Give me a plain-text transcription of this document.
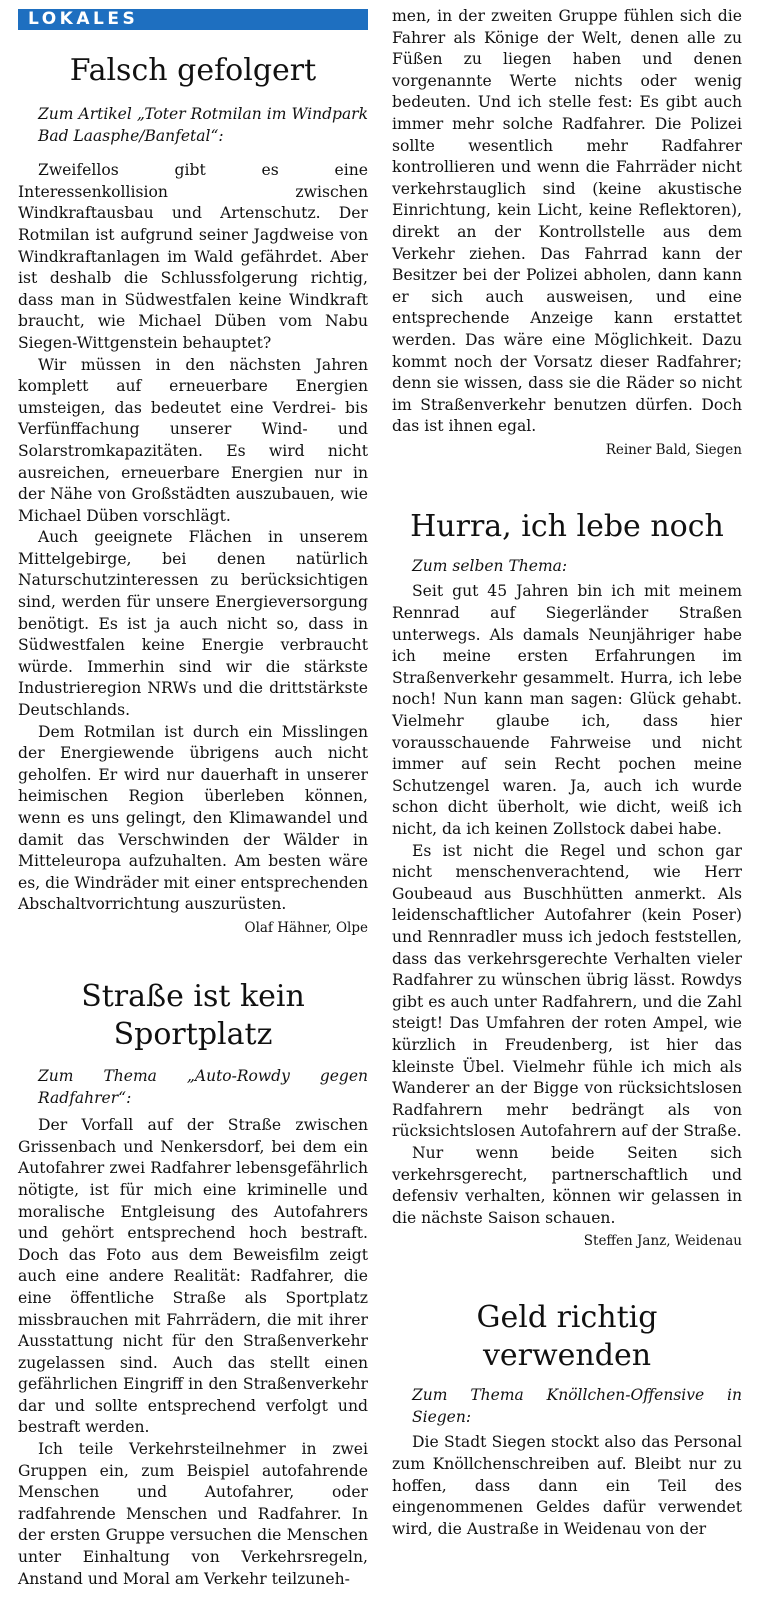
LOKALES
Falsch gefolgert

Zum Artikel „Toter Rotmilan im Windpark Bad Laasphe/Banfetal“:

Zweifellos gibt es eine Interessenkollision zwischen Windkraftausbau und Artenschutz. Der Rotmilan ist aufgrund seiner Jagdweise von Windkraftanlagen im Wald gefährdet. Aber ist deshalb die Schlussfolgerung richtig, dass man in Südwestfalen keine Windkraft braucht, wie Michael Düben vom Nabu Siegen-Wittgenstein behauptet?

Wir müssen in den nächsten Jahren komplett auf erneuerbare Energien umsteigen, das bedeutet eine Verdrei- bis Verfünffachung unserer Wind- und Solarstromkapazitäten. Es wird nicht ausreichen, erneuerbare Energien nur in der Nähe von Großstädten auszubauen, wie Michael Düben vorschlägt.

Auch geeignete Flächen in unserem Mittelgebirge, bei denen natürlich Naturschutzinteressen zu berücksichtigen sind, werden für unsere Energieversorgung benötigt. Es ist ja auch nicht so, dass in Südwestfalen keine Energie verbraucht würde. Immerhin sind wir die stärkste Industrieregion NRWs und die drittstärkste Deutschlands.

Dem Rotmilan ist durch ein Misslingen der Energiewende übrigens auch nicht geholfen. Er wird nur dauerhaft in unserer heimischen Region überleben können, wenn es uns gelingt, den Klimawandel und damit das Verschwinden der Wälder in Mitteleuropa aufzuhalten. Am besten wäre es, die Windräder mit einer entsprechenden Abschaltvorrichtung auszurüsten.

Olaf Hähner, Olpe

Straße ist kein Sportplatz

Zum Thema „Auto-Rowdy gegen Radfahrer“:

Der Vorfall auf der Straße zwischen Grissenbach und Nenkersdorf, bei dem ein Autofahrer zwei Radfahrer lebensgefährlich nötigte, ist für mich eine kriminelle und moralische Entgleisung des Autofahrers und gehört entsprechend hoch bestraft. Doch das Foto aus dem Beweisfilm zeigt auch eine andere Realität: Radfahrer, die eine öffentliche Straße als Sportplatz missbrauchen mit Fahrrädern, die mit ihrer Ausstattung nicht für den Straßenverkehr zugelassen sind. Auch das stellt einen gefährlichen Eingriff in den Straßenverkehr dar und sollte entsprechend verfolgt und bestraft werden.

Ich teile Verkehrsteilnehmer in zwei Gruppen ein, zum Beispiel autofahrende Menschen und Autofahrer, oder radfahrende Menschen und Radfahrer. In der ersten Gruppe versuchen die Menschen unter Einhaltung von Verkehrsregeln, Anstand und Moral am Verkehr teilzuneh-

men, in der zweiten Gruppe fühlen sich die Fahrer als Könige der Welt, denen alle zu Füßen zu liegen haben und denen vorgenannte Werte nichts oder wenig bedeuten. Und ich stelle fest: Es gibt auch immer mehr solche Radfahrer. Die Polizei sollte wesentlich mehr Radfahrer kontrollieren und wenn die Fahrräder nicht verkehrstauglich sind (keine akustische Einrichtung, kein Licht, keine Reflektoren), direkt an der Kontrollstelle aus dem Verkehr ziehen. Das Fahrrad kann der Besitzer bei der Polizei abholen, dann kann er sich auch ausweisen, und eine entsprechende Anzeige kann erstattet werden. Das wäre eine Möglichkeit. Dazu kommt noch der Vorsatz dieser Radfahrer; denn sie wissen, dass sie die Räder so nicht im Straßenverkehr benutzen dürfen. Doch das ist ihnen egal.

Reiner Bald, Siegen

Hurra, ich lebe noch

Zum selben Thema:

Seit gut 45 Jahren bin ich mit meinem Rennrad auf Siegerländer Straßen unterwegs. Als damals Neunjähriger habe ich meine ersten Erfahrungen im Straßenverkehr gesammelt. Hurra, ich lebe noch! Nun kann man sagen: Glück gehabt. Vielmehr glaube ich, dass hier vorausschauende Fahrweise und nicht immer auf sein Recht pochen meine Schutzengel waren. Ja, auch ich wurde schon dicht überholt, wie dicht, weiß ich nicht, da ich keinen Zollstock dabei habe.

Es ist nicht die Regel und schon gar nicht menschenverachtend, wie Herr Goubeaud aus Buschhütten anmerkt. Als leidenschaftlicher Autofahrer (kein Poser) und Rennradler muss ich jedoch feststellen, dass das verkehrsgerechte Verhalten vieler Radfahrer zu wünschen übrig lässt. Rowdys gibt es auch unter Radfahrern, und die Zahl steigt! Das Umfahren der roten Ampel, wie kürzlich in Freudenberg, ist hier das kleinste Übel. Vielmehr fühle ich mich als Wanderer an der Bigge von rücksichtslosen Radfahrern mehr bedrängt als von rücksichtslosen Autofahrern auf der Straße.

Nur wenn beide Seiten sich verkehrsgerecht, partnerschaftlich und defensiv verhalten, können wir gelassen in die nächste Saison schauen.

Steffen Janz, Weidenau

Geld richtig verwenden

Zum Thema Knöllchen-Offensive in Siegen:

Die Stadt Siegen stockt also das Personal zum Knöllchenschreiben auf. Bleibt nur zu hoffen, dass dann ein Teil des eingenommenen Geldes dafür verwendet wird, die Austraße in Weidenau von der
